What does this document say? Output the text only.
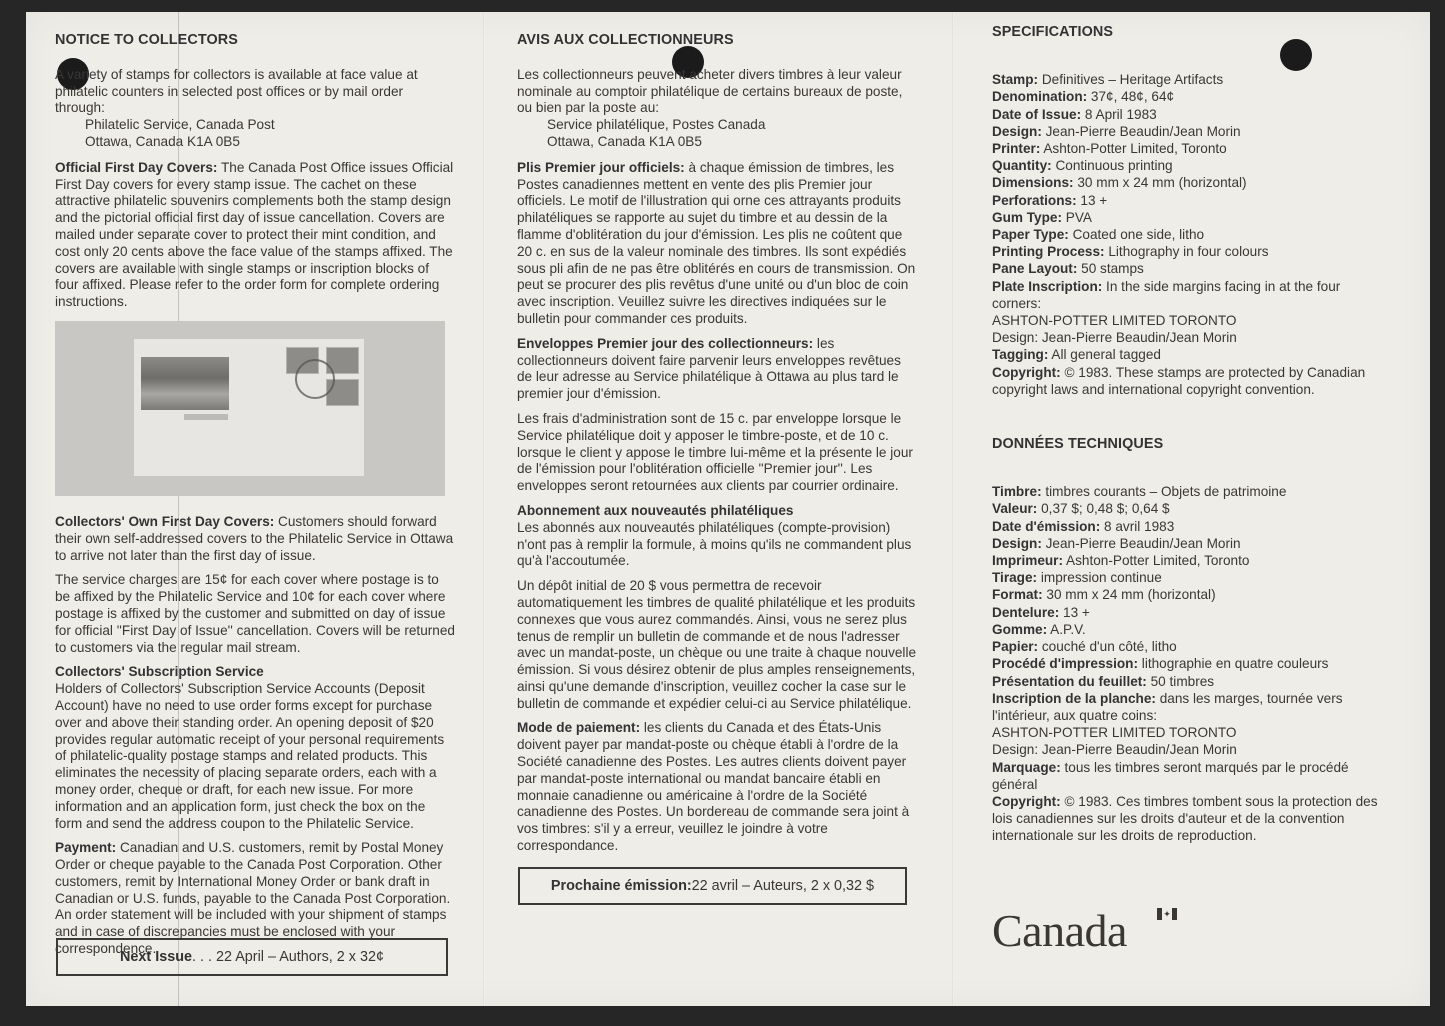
NOTICE TO COLLECTORS

A variety of stamps for collectors is available at face value at philatelic counters in selected post offices or by mail order through:

Philatelic Service, Canada Post
Ottawa, Canada K1A 0B5

Official First Day Covers: The Canada Post Office issues Official First Day covers for every stamp issue. The cachet on these attractive philatelic souvenirs complements both the stamp design and the pictorial official first day of issue cancellation. Covers are mailed under separate cover to protect their mint condition, and cost only 20 cents above the face value of the stamps affixed. The covers are available with single stamps or inscription blocks of four affixed. Please refer to the order form for complete ordering instructions.

Collectors' Own First Day Covers: Customers should forward their own self-addressed covers to the Philatelic Service in Ottawa to arrive not later than the first day of issue.

The service charges are 15¢ for each cover where postage is to be affixed by the Philatelic Service and 10¢ for each cover where postage is affixed by the customer and submitted on day of issue for official ''First Day of Issue'' cancellation. Covers will be returned to customers via the regular mail stream.

Collectors' Subscription Service

Holders of Collectors' Subscription Service Accounts (Deposit Account) have no need to use order forms except for purchase over and above their standing order. An opening deposit of $20 provides regular automatic receipt of your personal requirements of philatelic-quality postage stamps and related products. This eliminates the necessity of placing separate orders, each with a money order, cheque or draft, for each new issue. For more information and an application form, just check the box on the form and send the address coupon to the Philatelic Service.

Payment: Canadian and U.S. customers, remit by Postal Money Order or cheque payable to the Canada Post Corporation. Other customers, remit by International Money Order or bank draft in Canadian or U.S. funds, payable to the Canada Post Corporation. An order statement will be included with your shipment of stamps and in case of discrepancies must be enclosed with your correspondence.

Next Issue . . . 22 April – Authors, 2 x 32¢
AVIS AUX COLLECTIONNEURS

Les collectionneurs peuvent acheter divers timbres à leur valeur nominale au comptoir philatélique de certains bureaux de poste, ou bien par la poste au:

Service philatélique, Postes Canada
Ottawa, Canada K1A 0B5

Plis Premier jour officiels: à chaque émission de timbres, les Postes canadiennes mettent en vente des plis Premier jour officiels. Le motif de l'illustration qui orne ces attrayants produits philatéliques se rapporte au sujet du timbre et au dessin de la flamme d'oblitération du jour d'émission. Les plis ne coûtent que 20 c. en sus de la valeur nominale des timbres. Ils sont expédiés sous pli afin de ne pas être oblitérés en cours de transmission. On peut se procurer des plis revêtus d'une unité ou d'un bloc de coin avec inscription. Veuillez suivre les directives indiquées sur le bulletin pour commander ces produits.

Enveloppes Premier jour des collectionneurs: les collectionneurs doivent faire parvenir leurs enveloppes revêtues de leur adresse au Service philatélique à Ottawa au plus tard le premier jour d'émission.

Les frais d'administration sont de 15 c. par enveloppe lorsque le Service philatélique doit y apposer le timbre-poste, et de 10 c. lorsque le client y appose le timbre lui-même et la présente le jour de l'émission pour l'oblitération officielle ''Premier jour''. Les enveloppes seront retournées aux clients par courrier ordinaire.

Abonnement aux nouveautés philatéliques

Les abonnés aux nouveautés philatéliques (compte-provision) n'ont pas à remplir la formule, à moins qu'ils ne commandent plus qu'à l'accoutumée.

Un dépôt initial de 20 $ vous permettra de recevoir automatiquement les timbres de qualité philatélique et les produits connexes que vous aurez commandés. Ainsi, vous ne serez plus tenus de remplir un bulletin de commande et de nous l'adresser avec un mandat-poste, un chèque ou une traite à chaque nouvelle émission. Si vous désirez obtenir de plus amples renseignements, ainsi qu'une demande d'inscription, veuillez cocher la case sur le bulletin de commande et expédier celui-ci au Service philatélique.

Mode de paiement: les clients du Canada et des États-Unis doivent payer par mandat-poste ou chèque établi à l'ordre de la Société canadienne des Postes. Les autres clients doivent payer par mandat-poste international ou mandat bancaire établi en monnaie canadienne ou américaine à l'ordre de la Société canadienne des Postes. Un bordereau de commande sera joint à vos timbres: s'il y a erreur, veuillez le joindre à votre correspondance.

Prochaine émission: 22 avril – Auteurs, 2 x 0,32 $
SPECIFICATIONS
Stamp: Definitives – Heritage Artifacts
Denomination: 37¢, 48¢, 64¢
Date of Issue: 8 April 1983
Design: Jean-Pierre Beaudin/Jean Morin
Printer: Ashton-Potter Limited, Toronto
Quantity: Continuous printing
Dimensions: 30 mm x 24 mm (horizontal)
Perforations: 13 +
Gum Type: PVA
Paper Type: Coated one side, litho
Printing Process: Lithography in four colours
Pane Layout: 50 stamps
Plate Inscription: In the side margins facing in at the four corners:
ASHTON-POTTER LIMITED TORONTO
Design: Jean-Pierre Beaudin/Jean Morin
Tagging: All general tagged
Copyright: © 1983. These stamps are protected by Canadian copyright laws and international copyright convention.
DONNÉES TECHNIQUES
Timbre: timbres courants – Objets de patrimoine
Valeur: 0,37 $; 0,48 $; 0,64 $
Date d'émission: 8 avril 1983
Design: Jean-Pierre Beaudin/Jean Morin
Imprimeur: Ashton-Potter Limited, Toronto
Tirage: impression continue
Format: 30 mm x 24 mm (horizontal)
Dentelure: 13 +
Gomme: A.P.V.
Papier: couché d'un côté, litho
Procédé d'impression: lithographie en quatre couleurs
Présentation du feuillet: 50 timbres
Inscription de la planche: dans les marges, tournée vers l'intérieur, aux quatre coins:
ASHTON-POTTER LIMITED TORONTO
Design: Jean-Pierre Beaudin/Jean Morin
Marquage: tous les timbres seront marqués par le procédé général
Copyright: © 1983. Ces timbres tombent sous la protection des lois canadiennes sur les droits d'auteur et de la convention internationale sur les droits de reproduction.
Canada	✦
